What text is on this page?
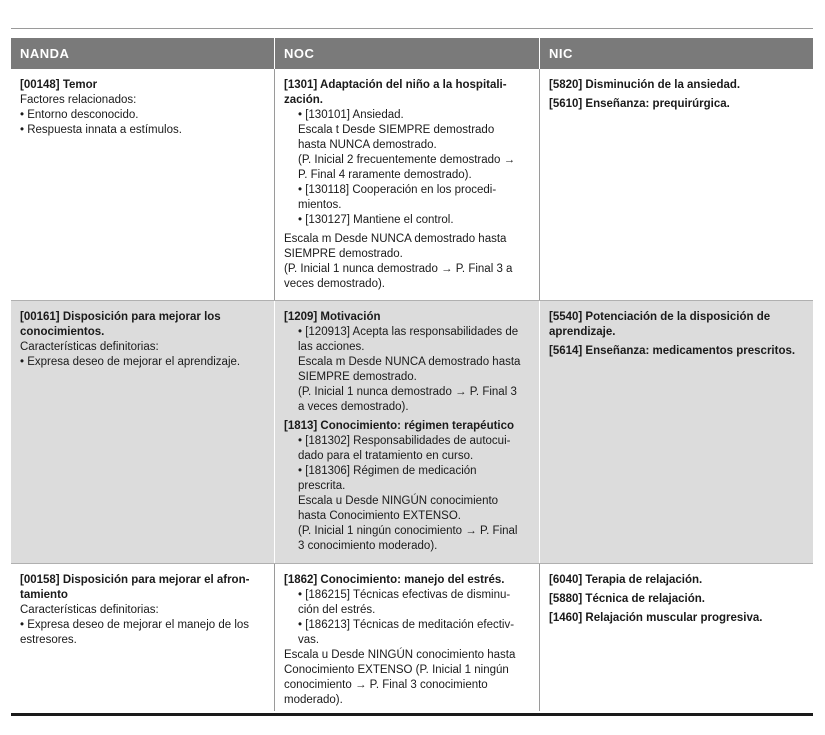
NANDA	NOC	NIC
[00148] Temor
Factores relacionados:
• Entorno desconocido.
• Respuesta innata a estímulos.
[1301] Adaptación del niño a la hospitali-
zación.
• [130101] Ansiedad.
Escala t Desde SIEMPRE demostrado
hasta NUNCA demostrado.
(P. Inicial 2 frecuentemente demostrado →
P. Final 4 raramente demostrado).
• [130118] Cooperación en los procedi-
mientos.
• [130127] Mantiene el control.
Escala m Desde NUNCA demostrado hasta
SIEMPRE demostrado.
(P. Inicial 1 nunca demostrado → P. Final 3 a
veces demostrado).
[5820] Disminución de la ansiedad.
[5610] Enseñanza: prequirúrgica.
[00161] Disposición para mejorar los
conocimientos.
Características definitorias:
• Expresa deseo de mejorar el aprendizaje.
[1209] Motivación
• [120913] Acepta las responsabilidades de
las acciones.
Escala m Desde NUNCA demostrado hasta
SIEMPRE demostrado.
(P. Inicial 1 nunca demostrado → P. Final 3
a veces demostrado).
[1813] Conocimiento: régimen terapéutico
• [181302] Responsabilidades de autocui-
dado para el tratamiento en curso.
• [181306] Régimen de medicación
prescrita.
Escala u Desde NINGÚN conocimiento
hasta Conocimiento EXTENSO.
(P. Inicial 1 ningún conocimiento → P. Final
3 conocimiento moderado).
[5540] Potenciación de la disposición de
aprendizaje.
[5614] Enseñanza: medicamentos prescritos.
[00158] Disposición para mejorar el afron-
tamiento
Características definitorias:
• Expresa deseo de mejorar el manejo de los
estresores.
[1862] Conocimiento: manejo del estrés.
• [186215] Técnicas efectivas de disminu-
ción del estrés.
• [186213] Técnicas de meditación efectiv-
vas.
Escala u Desde NINGÚN conocimiento hasta
Conocimiento EXTENSO (P. Inicial 1 ningún
conocimiento → P. Final 3 conocimiento
moderado).
[6040] Terapia de relajación.
[5880] Técnica de relajación.
[1460] Relajación muscular progresiva.
